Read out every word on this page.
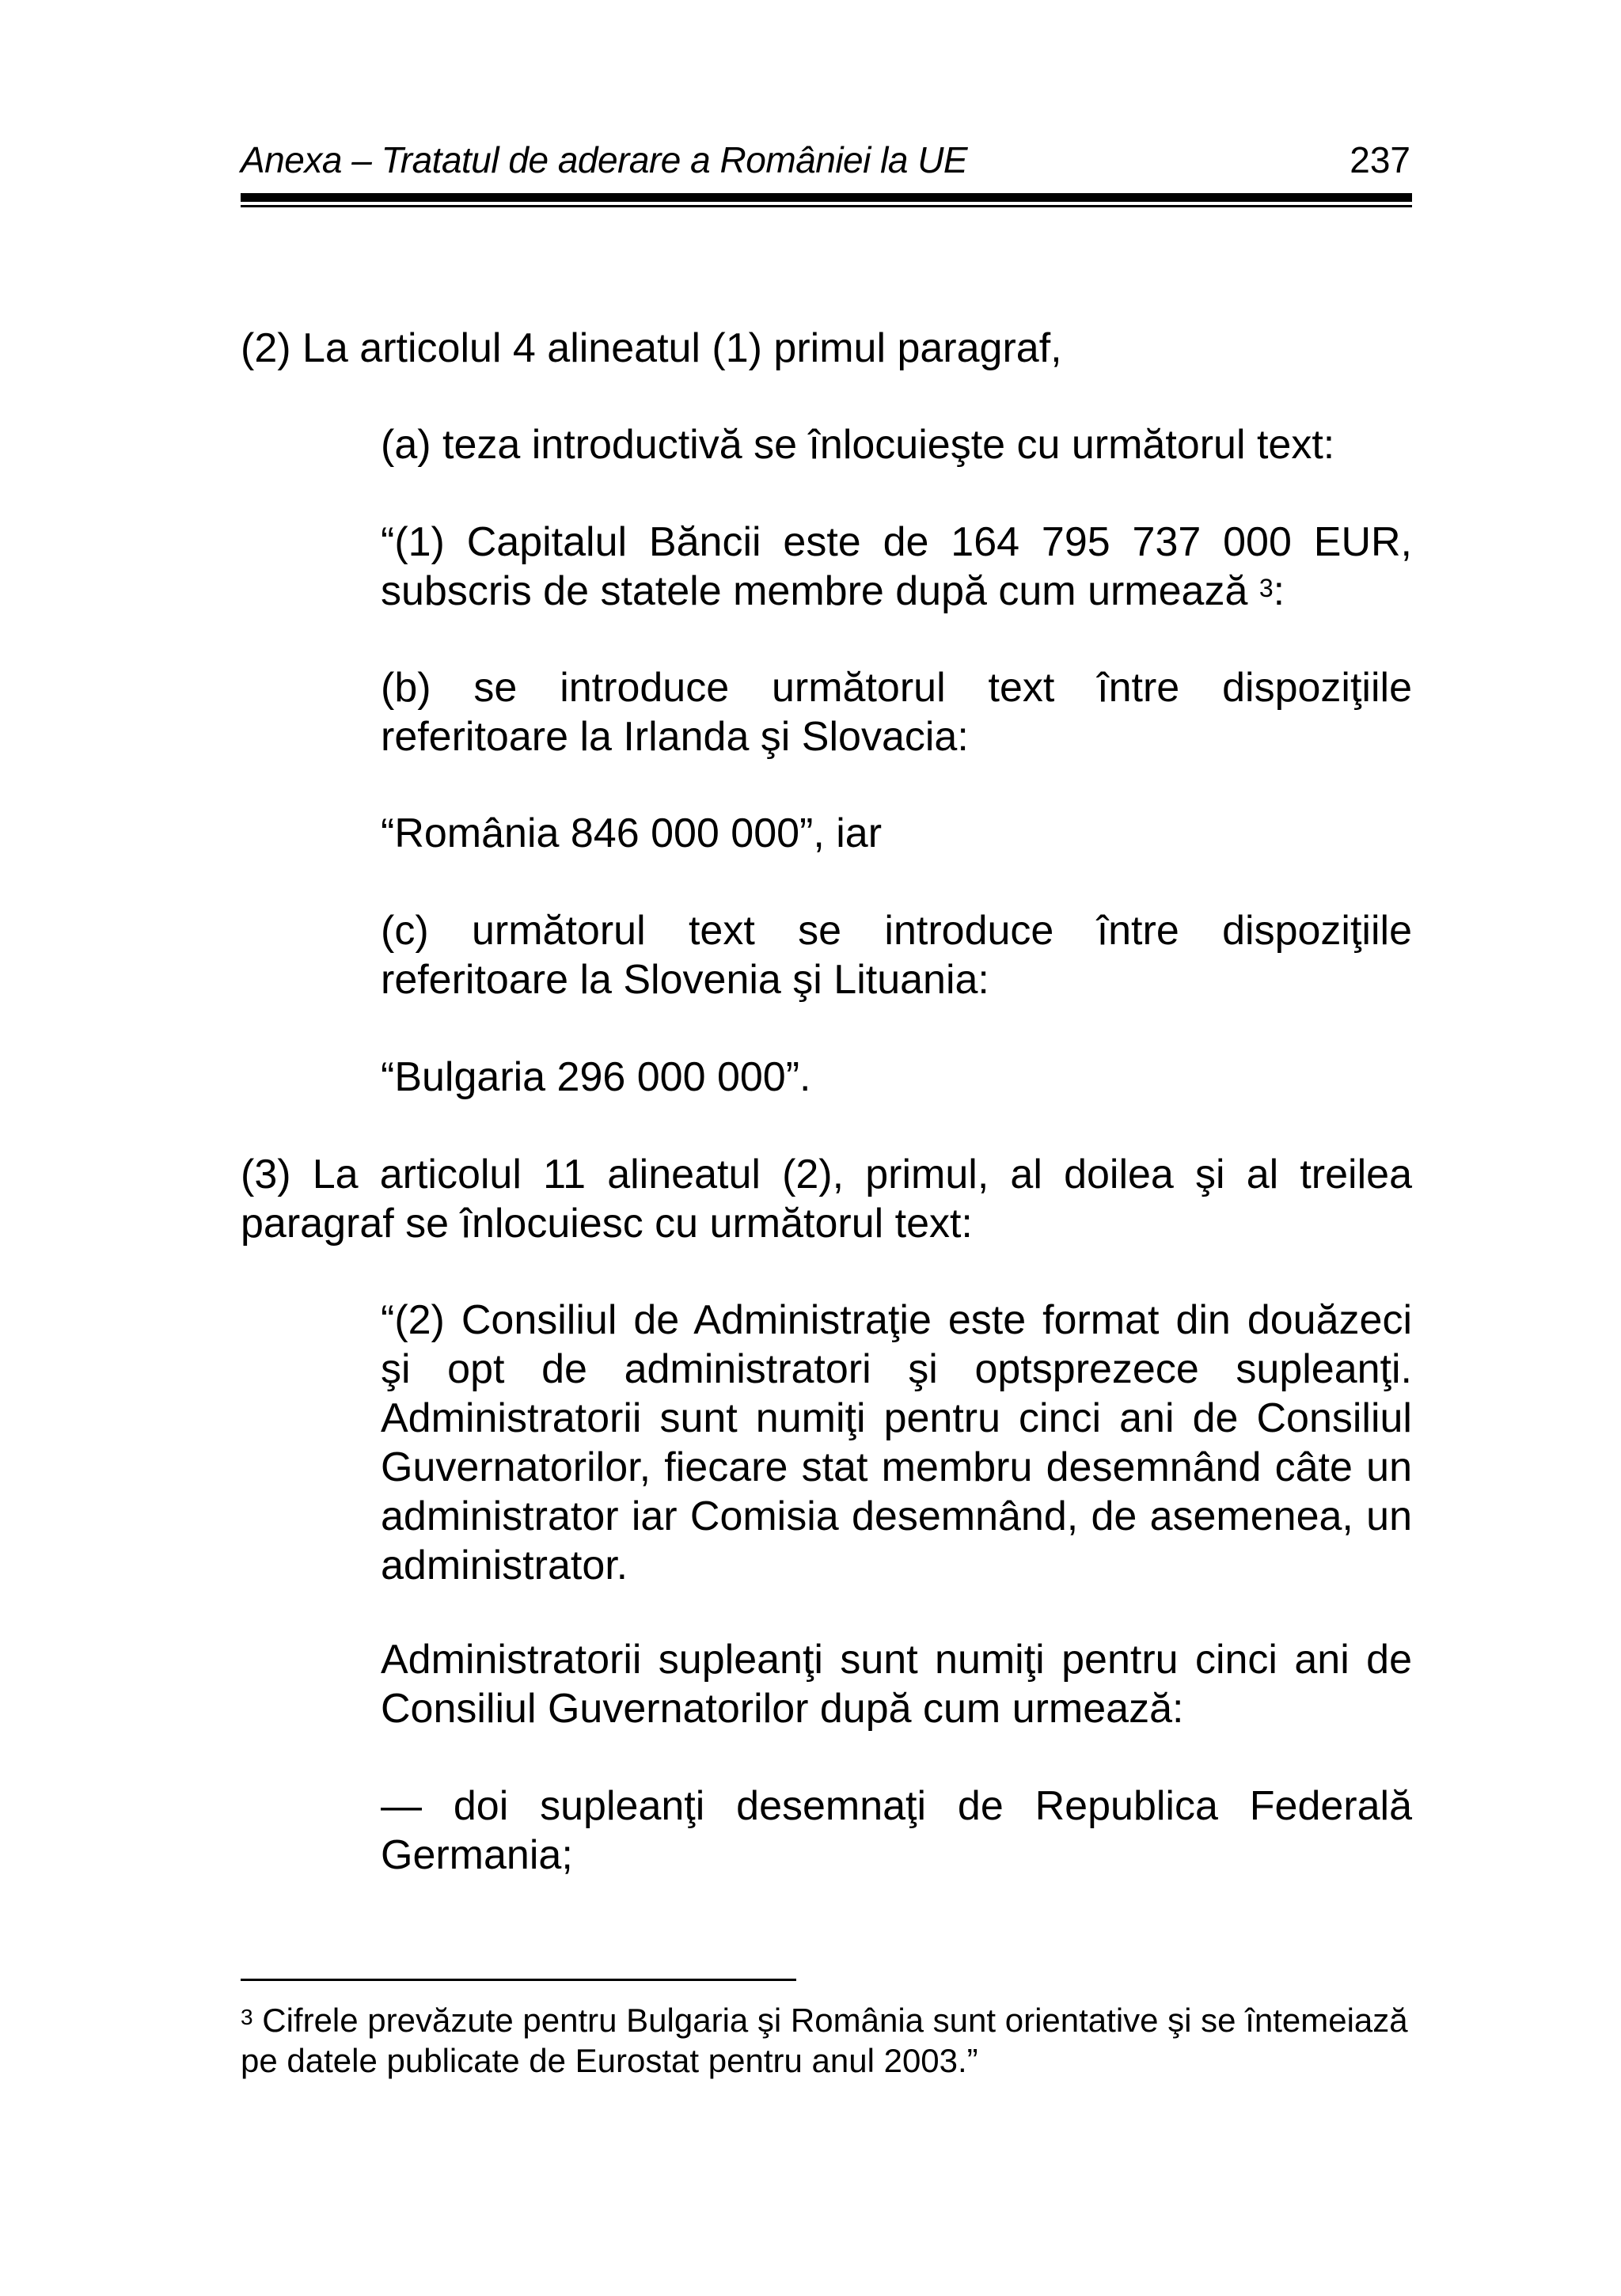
Anexa – Tratatul de aderare a României la UE	237

(2) La articolul 4 alineatul (1) primul paragraf,

(a) teza introductivă se înlocuieşte cu următorul text:

“(1) Capitalul Băncii este de 164 795 737 000 EUR, subscris de statele membre după cum urmează $^3$:

(b) se introduce următorul text între dispoziţiile referitoare la Irlanda şi Slovacia:

“România 846 000 000”, iar

(c) următorul text se introduce între dispoziţiile referitoare la Slovenia şi Lituania:

“Bulgaria 296 000 000”.

(3) La articolul 11 alineatul (2), primul, al doilea şi al treilea paragraf se înlocuiesc cu următorul text:

“(2) Consiliul de Administraţie este format din douăzeci şi opt de administratori şi optsprezece supleanţi. Administratorii sunt numiţi pentru cinci ani de Consiliul Guvernatorilor, fiecare stat membru desemnând câte un administrator iar Comisia desemnând, de asemenea, un administrator.

Administratorii supleanţi sunt numiţi pentru cinci ani de Consiliul Guvernatorilor după cum urmează:

— doi supleanţi desemnaţi de Republica Federală Germania;

$^3$ Cifrele prevăzute pentru Bulgaria şi România sunt orientative şi se întemeiază pe datele publicate de Eurostat pentru anul 2003.”
